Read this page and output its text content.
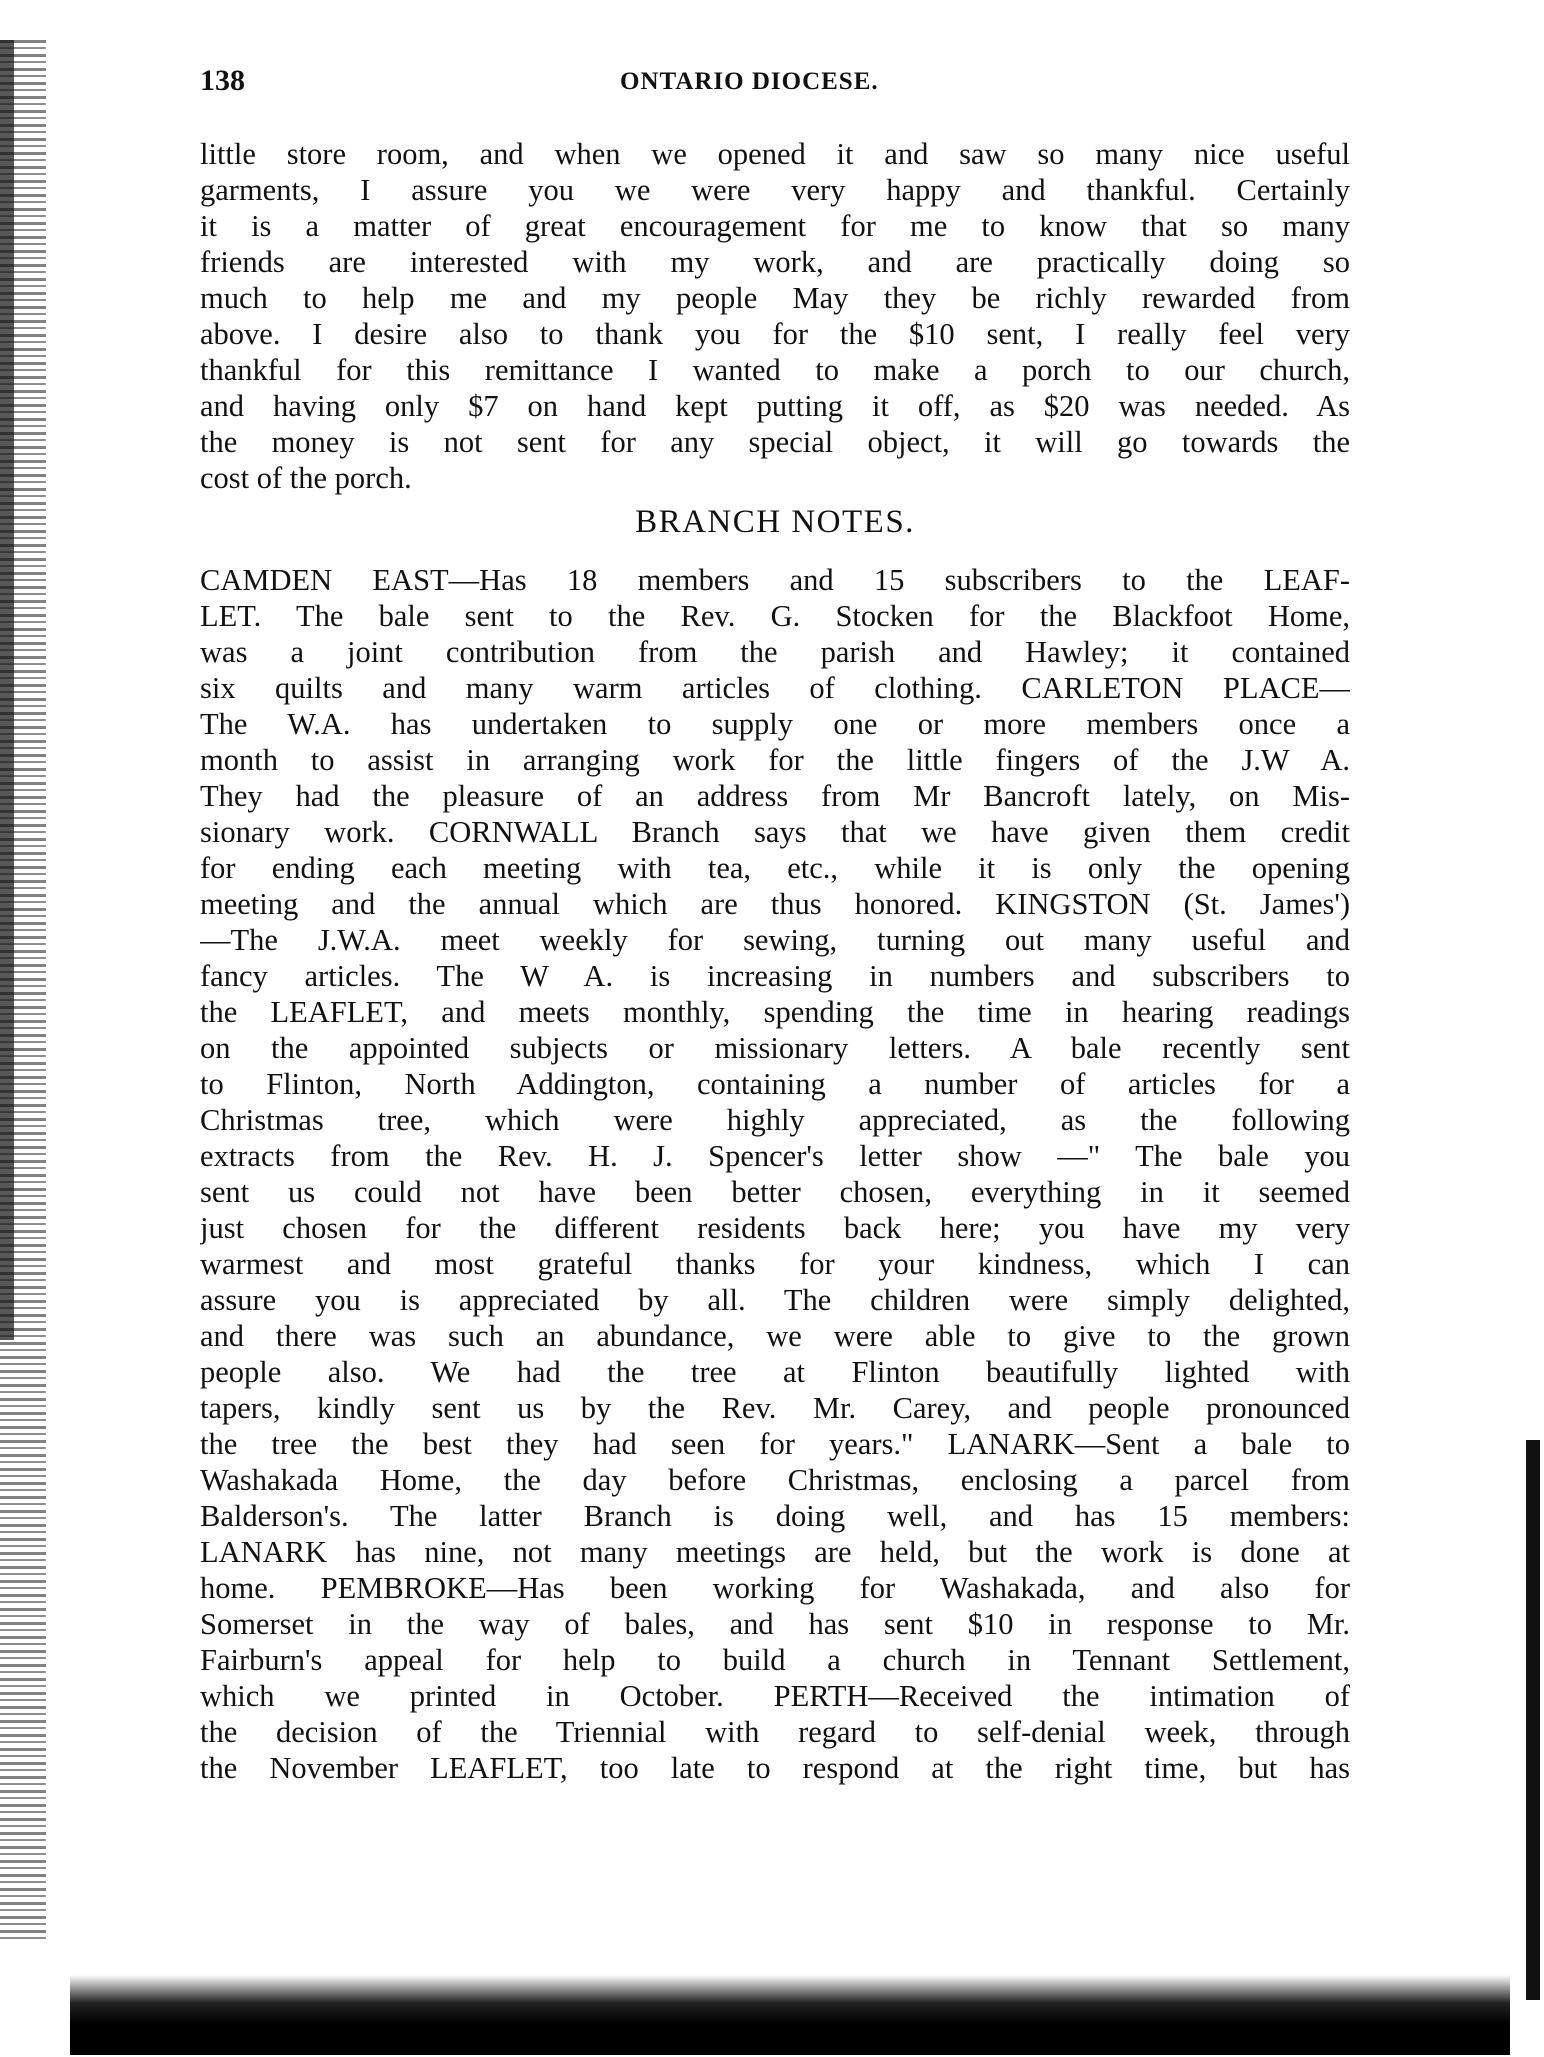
138	ONTARIO DIOCESE.
little store room, and when we opened it and saw so many nice useful
garments, I assure you we were very happy and thankful. Certainly
it is a matter of great encouragement for me to know that so many
friends are interested with my work, and are practically doing so
much to help me and my people May they be richly rewarded from
above. I desire also to thank you for the $10 sent, I really feel very
thankful for this remittance I wanted to make a porch to our church,
and having only $7 on hand kept putting it off, as $20 was needed. As
the money is not sent for any special object, it will go towards the
cost of the porch.
BRANCH NOTES.
CAMDEN EAST—Has 18 members and 15 subscribers to the LEAF-
LET. The bale sent to the Rev. G. Stocken for the Blackfoot Home,
was a joint contribution from the parish and Hawley; it contained
six quilts and many warm articles of clothing. CARLETON PLACE—
The W.A. has undertaken to supply one or more members once a
month to assist in arranging work for the little fingers of the J.W A.
They had the pleasure of an address from Mr Bancroft lately, on Mis-
sionary work. CORNWALL Branch says that we have given them credit
for ending each meeting with tea, etc., while it is only the opening
meeting and the annual which are thus honored. KINGSTON (St. James')
—The J.W.A. meet weekly for sewing, turning out many useful and
fancy articles. The W A. is increasing in numbers and subscribers to
the LEAFLET, and meets monthly, spending the time in hearing readings
on the appointed subjects or missionary letters. A bale recently sent
to Flinton, North Addington, containing a number of articles for a
Christmas tree, which were highly appreciated, as the following
extracts from the Rev. H. J. Spencer's letter show —" The bale you
sent us could not have been better chosen, everything in it seemed
just chosen for the different residents back here; you have my very
warmest and most grateful thanks for your kindness, which I can
assure you is appreciated by all. The children were simply delighted,
and there was such an abundance, we were able to give to the grown
people also. We had the tree at Flinton beautifully lighted with
tapers, kindly sent us by the Rev. Mr. Carey, and people pronounced
the tree the best they had seen for years." LANARK—Sent a bale to
Washakada Home, the day before Christmas, enclosing a parcel from
Balderson's. The latter Branch is doing well, and has 15 members:
LANARK has nine, not many meetings are held, but the work is done at
home. PEMBROKE—Has been working for Washakada, and also for
Somerset in the way of bales, and has sent $10 in response to Mr.
Fairburn's appeal for help to build a church in Tennant Settlement,
which we printed in October. PERTH—Received the intimation of
the decision of the Triennial with regard to self-denial week, through
the November LEAFLET, too late to respond at the right time, but has
